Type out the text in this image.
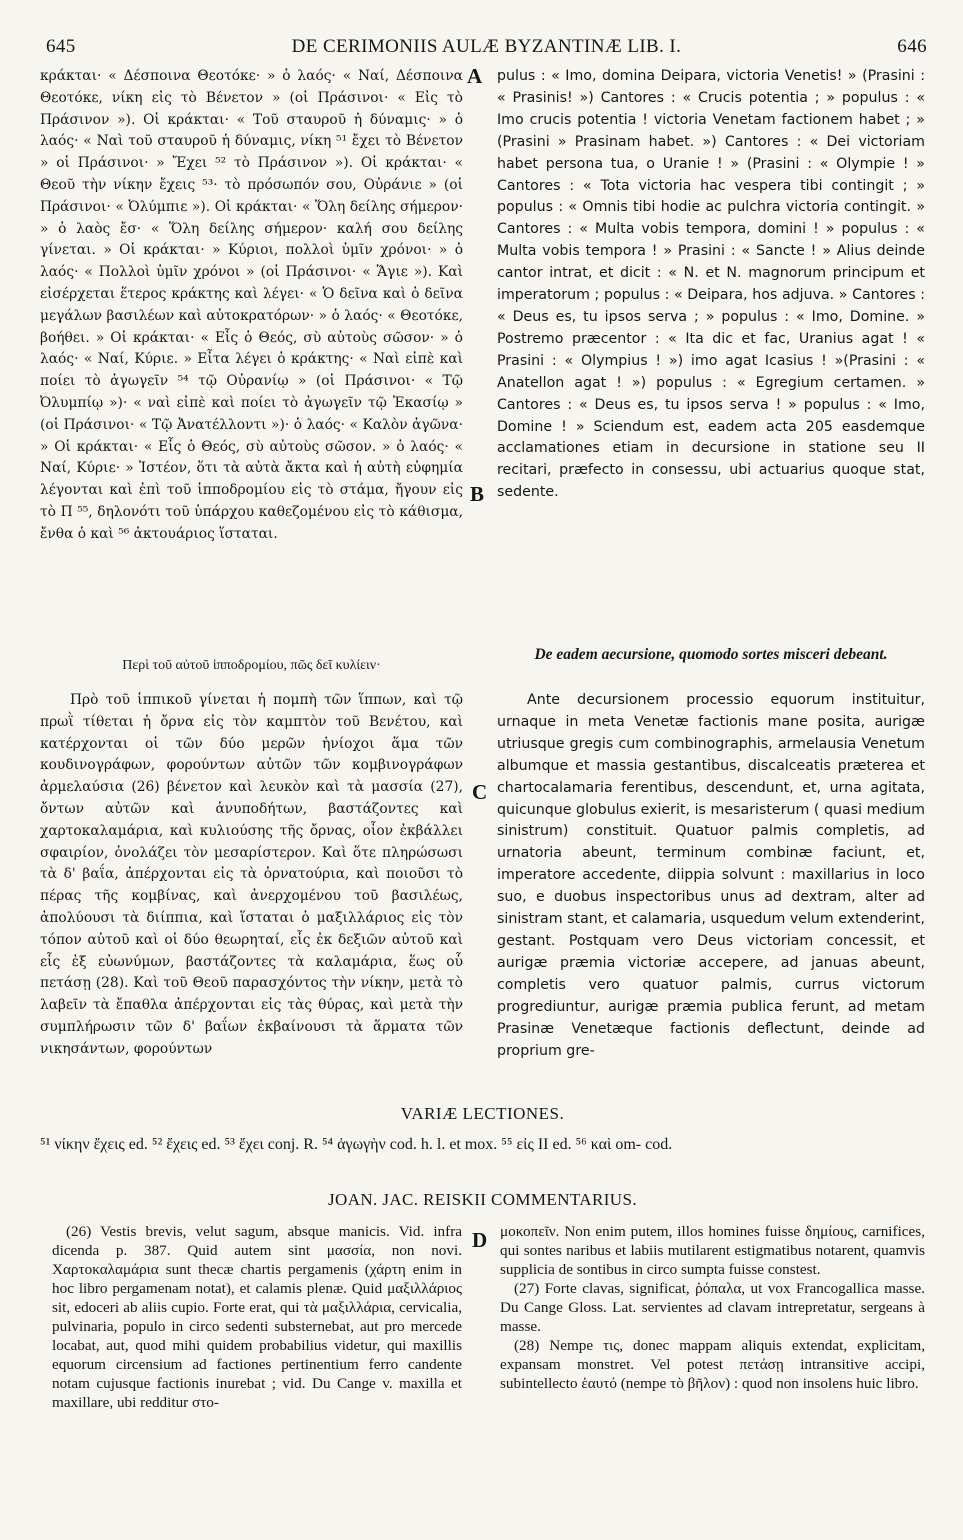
645	DE CERIMONIIS AULÆ BYZANTINÆ LIB. I.	646
A
B
C
D

κράκται· « Δέσποινα Θεοτόκε· » ὁ λαός· « Ναί, Δέσποινα Θεοτόκε, νίκη εἰς τὸ Βένετον » (οἱ Πράσινοι· « Εἰς τὸ Πράσινον »). Οἱ κράκται· « Τοῦ σταυροῦ ἡ δύναμις· » ὁ λαός· « Ναὶ τοῦ σταυροῦ ἡ δύναμις, νίκη ⁵¹ ἔχει τὸ Βένετον » οἱ Πράσινοι· » Ἔχει ⁵² τὸ Πράσινον »). Οἱ κράκται· « Θεοῦ τὴν νίκην ἔχεις ⁵³· τὸ πρόσωπόν σου, Οὐράνιε » (οἱ Πράσινοι· « Ὀλύμπιε »). Οἱ κράκται· « Ὅλη δείλης σήμερον· » ὁ λαὸς ἔσ· « Ὅλη δείλης σήμερον· καλή σου δείλης γίνεται. » Οἱ κράκται· » Κύριοι, πολλοὶ ὑμῖν χρόνοι· » ὁ λαός· « Πολλοὶ ὑμῖν χρόνοι » (οἱ Πράσινοι· « Ἅγιε »). Καὶ εἰσέρχεται ἕτερος κράκτης καὶ λέγει· « Ὁ δεῖνα καὶ ὁ δεῖνα μεγάλων βασιλέων καὶ αὐτοκρατόρων· » ὁ λαός· « Θεοτόκε, βοήθει. » Οἱ κράκται· « Εἷς ὁ Θεός, σὺ αὐτοὺς σῶσον· » ὁ λαός· « Ναί, Κύριε. » Εἶτα λέγει ὁ κράκτης· « Ναὶ εἰπὲ καὶ ποίει τὸ ἀγωγεῖν ⁵⁴ τῷ Οὐρανίῳ » (οἱ Πράσινοι· « Τῷ Ὀλυμπίῳ »)· « ναὶ εἰπὲ καὶ ποίει τὸ ἀγωγεῖν τῷ Ἐκασίῳ » (οἱ Πράσινοι· « Τῷ Ἀνατέλλοντι »)· ὁ λαός· « Καλὸν ἀγῶνα· » Οἱ κράκται· « Εἷς ὁ Θεός, σὺ αὐτοὺς σῶσον. » ὁ λαός· « Ναί, Κύριε· » Ἰστέον, ὅτι τὰ αὐτὰ ἄκτα καὶ ἡ αὐτὴ εὐφημία λέγονται καὶ ἐπὶ τοῦ ἱπποδρομίου εἰς τὸ στάμα, ἤγουν εἰς τὸ Π ⁵⁵, δηλονότι τοῦ ὑπάρχου καθεζομένου εἰς τὸ κάθισμα, ἔνθα ὁ καὶ ⁵⁶ ἀκτουάριος ἵσταται.

pulus : « Imo, domina Deipara, victoria Venetis! » (Prasini : « Prasinis! ») Cantores : « Crucis potentia ; » populus : « Imo crucis potentia ! victoria Venetam factionem habet ; » (Prasini » Prasinam habet. ») Cantores : « Dei victoriam habet persona tua, o Uranie ! » (Prasini : « Olympie ! » Cantores : « Tota victoria hac vespera tibi contingit ; » populus : « Omnis tibi hodie ac pulchra victoria contingit. » Cantores : « Multa vobis tempora, domini ! » populus : « Multa vobis tempora ! » Prasini : « Sancte ! » Alius deinde cantor intrat, et dicit : « N. et N. magnorum principum et imperatorum ; populus : « Deipara, hos adjuva. » Cantores : « Deus es, tu ipsos serva ; » populus : « Imo, Domine. » Postremo præcentor : « Ita dic et fac, Uranius agat ! « Prasini : « Olympius ! ») imo agat Icasius ! »(Prasini : « Anatellon agat ! ») populus : « Egregium certamen. » Cantores : « Deus es, tu ipsos serva ! » populus : « Imo, Domine ! » Sciendum est, eadem acta 205 easdemque acclamationes etiam in decursione in statione seu II recitari, præfecto in consessu, ubi actuarius quoque stat, sedente.

Περὶ τοῦ αὐτοῦ ἱπποδρομίου, πῶς δεῖ κυλίειν·
De eadem aecursione, quomodo sortes misceri debeant.

Πρὸ τοῦ ἱππικοῦ γίνεται ἡ πομπὴ τῶν ἵππων, καὶ τῷ πρωῒ τίθεται ἡ ὄρνα εἰς τὸν καμπτὸν τοῦ Βενέτου, καὶ κατέρχονται οἱ τῶν δύο μερῶν ἡνίοχοι ἅμα τῶν κουδινογράφων, φορούντων αὐτῶν τῶν κομβινογράφων ἀρμελαύσια (26) βένετον καὶ λευκὸν καὶ τὰ μασσία (27), ὄντων αὐτῶν καὶ ἀνυποδήτων, βαστάζοντες καὶ χαρτοκαλαμάρια, καὶ κυλιούσης τῆς ὄρνας, οἷον ἐκβάλλει σφαιρίον, ὀνολάζει τὸν μεσαρίστερον. Καὶ ὅτε πληρώσωσι τὰ δ' βαΐα, ἀπέρχονται εἰς τὰ ὀρνατούρια, καὶ ποιοῦσι τὸ πέρας τῆς κομβίνας, καὶ ἀνερχομένου τοῦ βασιλέως, ἀπολύουσι τὰ διίππια, καὶ ἵσταται ὁ μαξιλλάριος εἰς τὸν τόπον αὐτοῦ καὶ οἱ δύο θεωρηταί, εἷς ἐκ δεξιῶν αὐτοῦ καὶ εἷς ἐξ εὐωνύμων, βαστάζοντες τὰ καλαμάρια, ἕως οὗ πετάσῃ (28). Καὶ τοῦ Θεοῦ παρασχόντος τὴν νίκην, μετὰ τὸ λαβεῖν τὰ ἔπαθλα ἀπέρχονται εἰς τὰς θύρας, καὶ μετὰ τὴν συμπλήρωσιν τῶν δ' βαΐων ἐκβαίνουσι τὰ ἅρματα τῶν νικησάντων, φορούντων

Ante decursionem processio equorum instituitur, urnaque in meta Venetæ factionis mane posita, aurigæ utriusque gregis cum combinographis, armelausia Venetum albumque et massia gestantibus, discalceatis præterea et chartocalamaria ferentibus, descendunt, et, urna agitata, quicunque globulus exierit, is mesaristerum ( quasi medium sinistrum) constituit. Quatuor palmis completis, ad urnatoria abeunt, terminum combinæ faciunt, et, imperatore accedente, diippia solvunt : maxillarius in loco suo, e duobus inspectoribus unus ad dextram, alter ad sinistram stant, et calamaria, usquedum velum extenderint, gestant. Postquam vero Deus victoriam concessit, et aurigæ præmia victoriæ accepere, ad januas abeunt, completis vero quatuor palmis, currus victorum progrediuntur, aurigæ præmia publica ferunt, ad metam Prasinæ Venetæque factionis deflectunt, deinde ad proprium gre-

VARIÆ LECTIONES.

⁵¹ νίκην ἔχεις ed. ⁵² ἔχεις ed. ⁵³ ἔχει conj. R. ⁵⁴ ἀγωγὴν cod. h. l. et mox. ⁵⁵ εἰς II ed. ⁵⁶ καὶ om- cod.

JOAN. JAC. REISKII COMMENTARIUS.

(26) Vestis brevis, velut sagum, absque manicis. Vid. infra dicenda p. 387. Quid autem sint μασσία, non novi. Χαρτοκαλαμάρια sunt thecæ chartis pergamenis (χάρτη enim in hoc libro pergamenam notat), et calamis plenæ. Quid μαξιλλάριος sit, edoceri ab aliis cupio. Forte erat, qui τὰ μαξιλλάρια, cervicalia, pulvinaria, populo in circo sedenti substernebat, aut pro mercede locabat, aut, quod mihi quidem probabilius videtur, qui maxillis equorum circensium ad factiones pertinentium ferro candente notam cujusque factionis inurebat ; vid. Du Cange v. maxilla et maxillare, ubi redditur στο-

μοκοπεῖν. Non enim putem, illos homines fuisse δημίους, carnifices, qui sontes naribus et labiis mutilarent estigmatibus notarent, quamvis supplicia de sontibus in circo sumpta fuisse constest.

(27) Forte clavas, significat, ῥόπαλα, ut vox Francogallica masse. Du Cange Gloss. Lat. servientes ad clavam intrepretatur, sergeans à masse.

(28) Nempe τις, donec mappam aliquis extendat, explicitam, expansam monstret. Vel potest πετάσῃ intransitive accipi, subintellecto ἑαυτό (nempe τὸ βῆλον) : quod non insolens huic libro.
